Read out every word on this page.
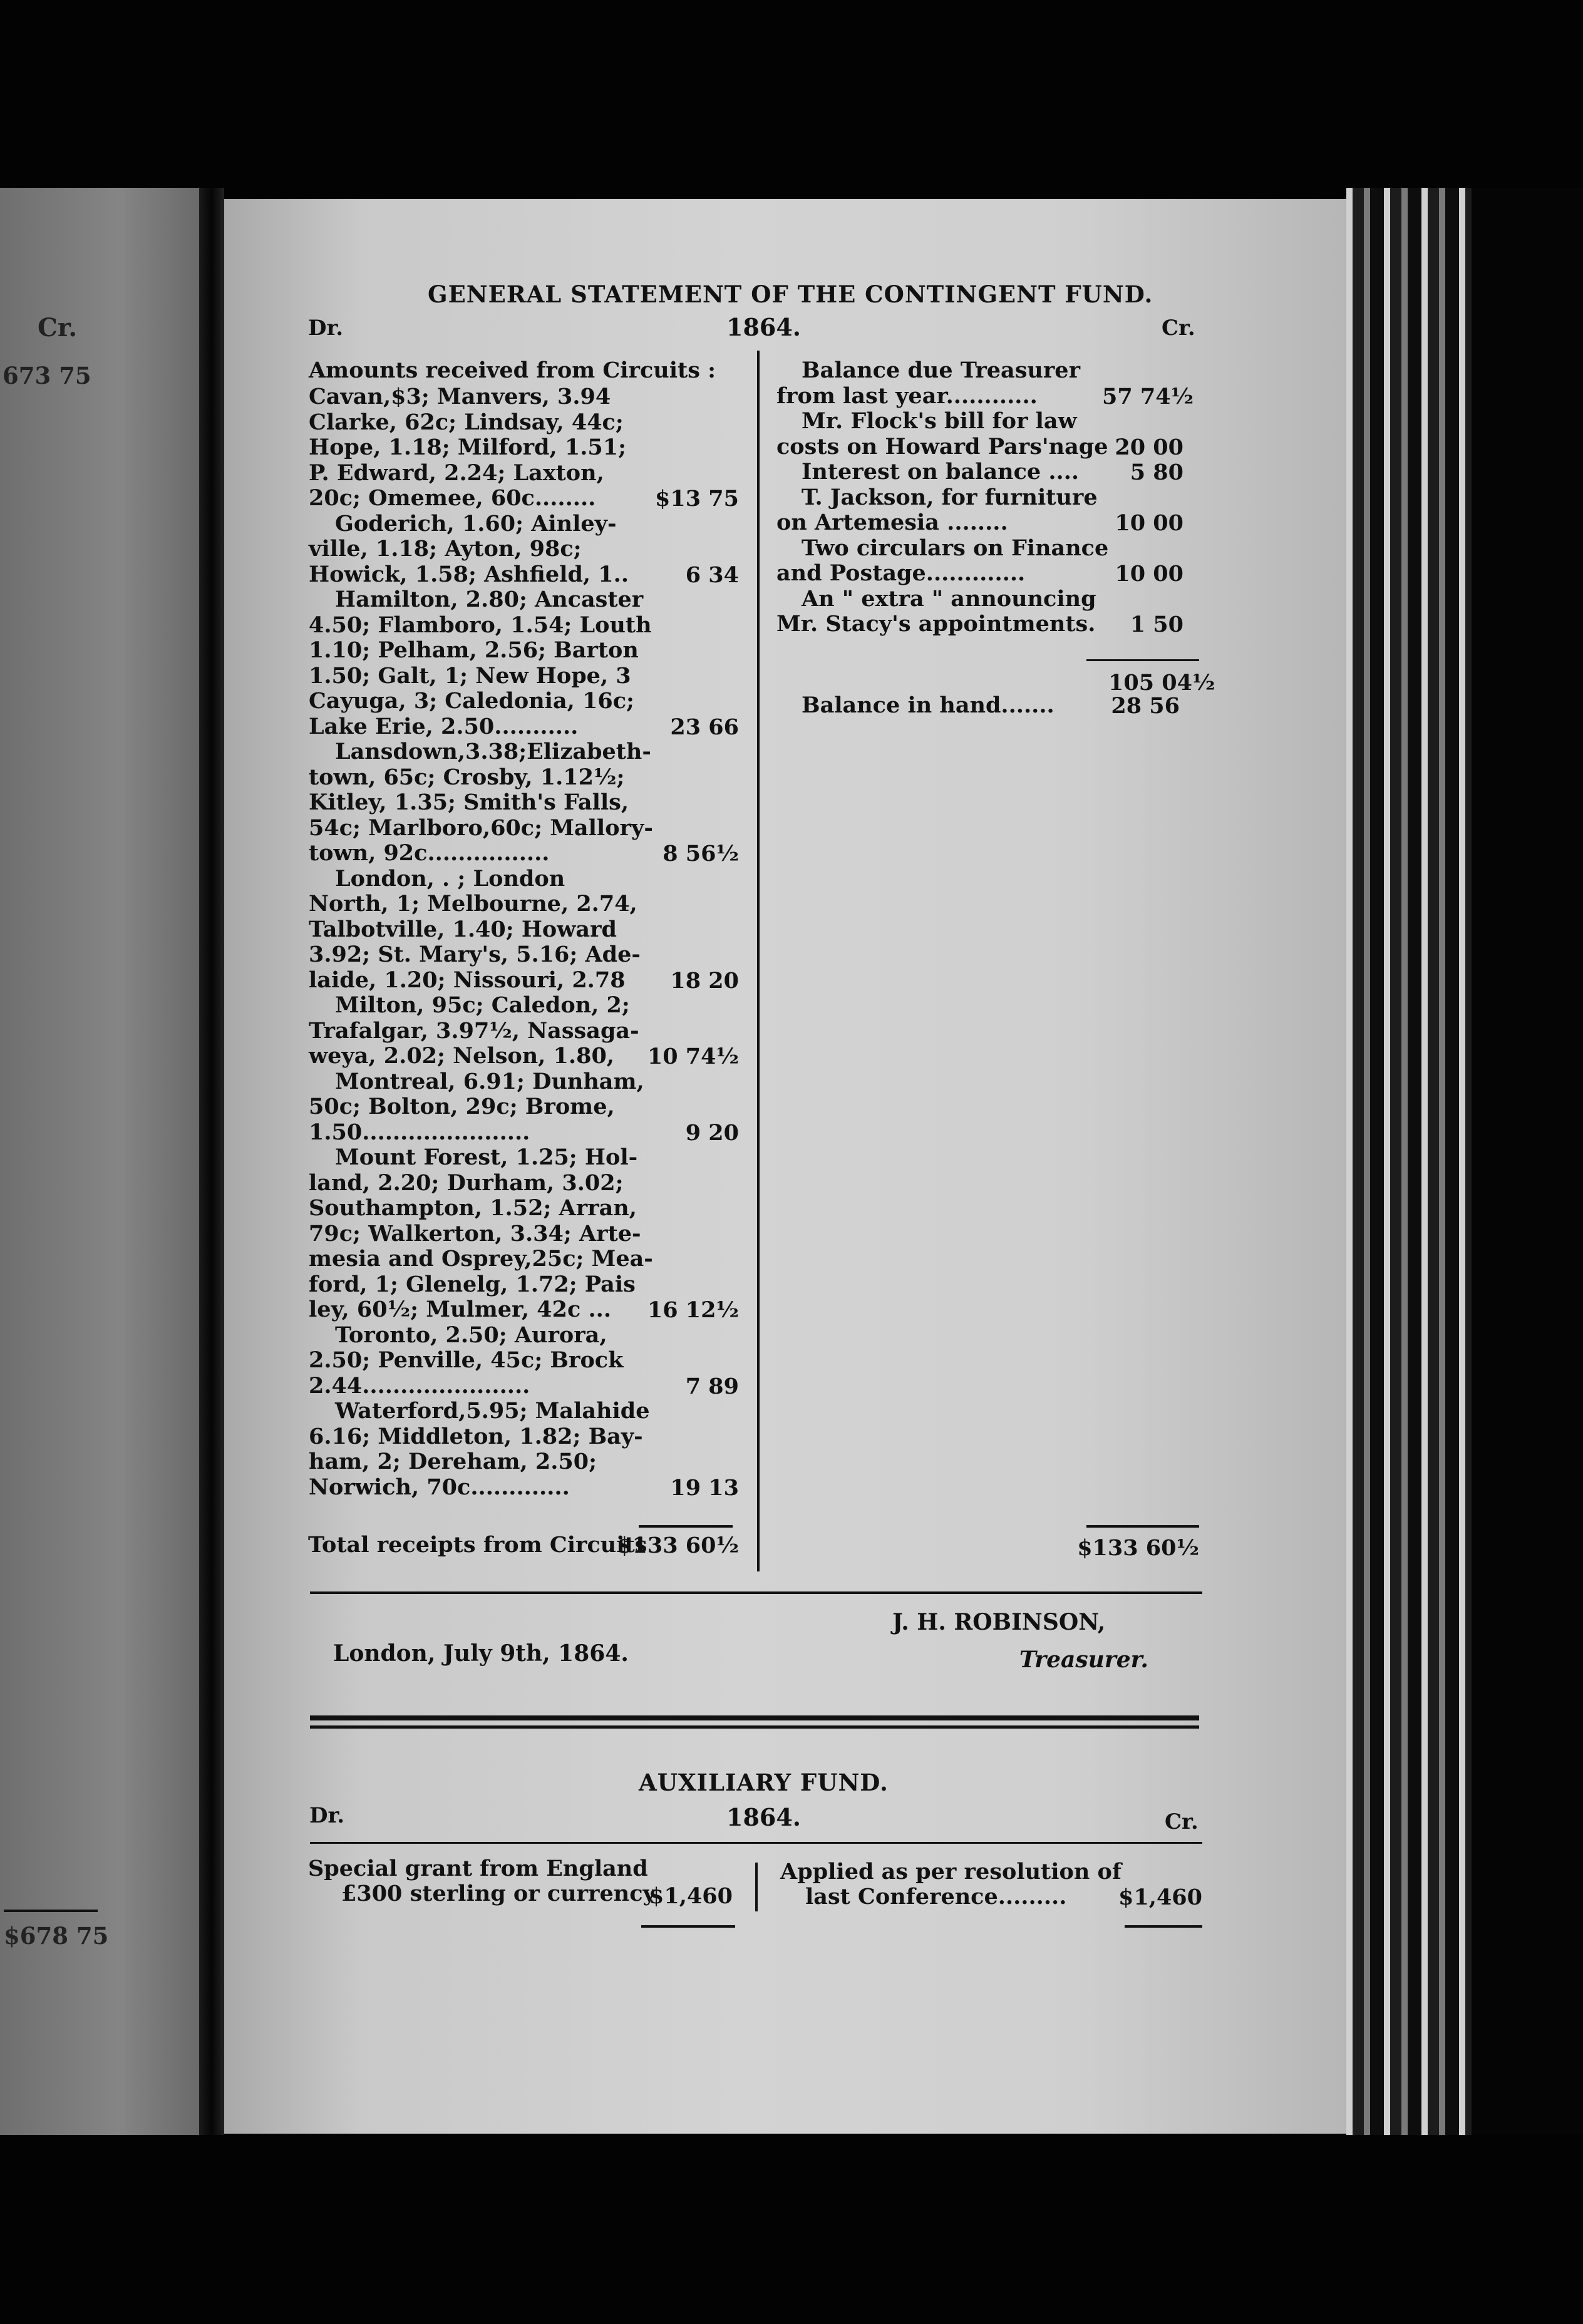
Cr.
673 75
$678 75
GENERAL STATEMENT OF THE CONTINGENT FUND.
Dr.	1864.	Cr.
Amounts received from Circuits :
Cavan,$3; Manvers, 3.94
Clarke, 62c; Lindsay, 44c;
Hope, 1.18; Milford, 1.51;
P. Edward, 2.24; Laxton,
20c; Omemee, 60c........	$13 75
Goderich, 1.60; Ainley-
ville, 1.18; Ayton, 98c;
Howick, 1.58; Ashfield, 1..	6 34
Hamilton, 2.80; Ancaster
4.50; Flamboro, 1.54; Louth
1.10; Pelham, 2.56; Barton
1.50; Galt, 1; New Hope, 3
Cayuga, 3; Caledonia, 16c;
Lake Erie, 2.50...........	23 66
Lansdown,3.38;Elizabeth-
town, 65c; Crosby, 1.12½;
Kitley, 1.35; Smith's Falls,
54c; Marlboro,60c; Mallory-
town, 92c................	8 56½
London, . ; London
North, 1; Melbourne, 2.74,
Talbotville, 1.40; Howard
3.92; St. Mary's, 5.16; Ade-
laide, 1.20; Nissouri, 2.78	18 20
Milton, 95c; Caledon, 2;
Trafalgar, 3.97½, Nassaga-
weya, 2.02; Nelson, 1.80,	10 74½
Montreal, 6.91; Dunham,
50c; Bolton, 29c; Brome,
1.50......................	9 20
Mount Forest, 1.25; Hol-
land, 2.20; Durham, 3.02;
Southampton, 1.52; Arran,
79c; Walkerton, 3.34; Arte-
mesia and Osprey,25c; Mea-
ford, 1; Glenelg, 1.72; Pais
ley, 60½; Mulmer, 42c ...	16 12½
Toronto, 2.50; Aurora,
2.50; Penville, 45c; Brock
2.44......................	7 89
Waterford,5.95; Malahide
6.16; Middleton, 1.82; Bay-
ham, 2; Dereham, 2.50;
Norwich, 70c.............	19 13
Total receipts from Circuits
$133 60½
Balance due Treasurer
from last year............	57 74½
Mr. Flock's bill for law
costs on Howard Pars'nage 20 00
Interest on balance ....	5 80
T. Jackson, for furniture
on Artemesia ........	10 00
Two circulars on Finance
and Postage.............	10 00
An " extra " announcing
Mr. Stacy's appointments.	1 50
105 04½
Balance in hand.......	28 56
$133 60½
J. H. ROBINSON,
Treasurer.
London, July 9th, 1864.
AUXILIARY FUND.
Dr.	1864.	Cr.
Special grant from England
£300 sterling or currency
$1,460
Applied as per resolution of
last Conference......... $1,460
